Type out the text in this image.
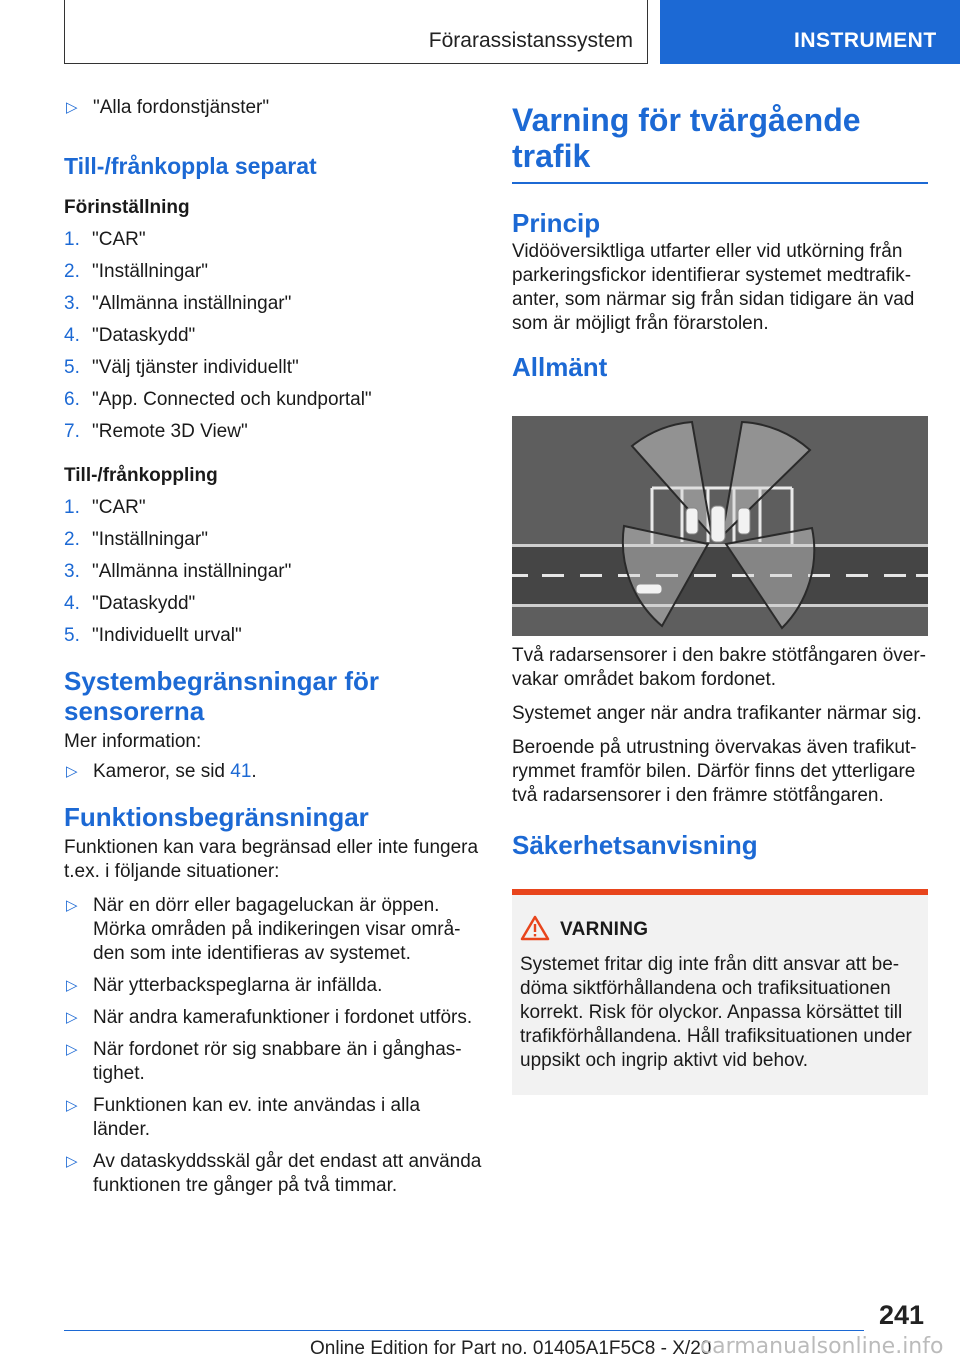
Förarassistanssystem	INSTRUMENT
▷ "Alla fordonstjänster"
Till-/frånkoppla separat
Förinställning
1. "CAR"
2. "Inställningar"
3. "Allmänna inställningar"
4. "Dataskydd"
5. "Välj tjänster individuellt"
6. "App. Connected och kundportal"
7. "Remote 3D View"
Till-/frånkoppling
1. "CAR"
2. "Inställningar"
3. "Allmänna inställningar"
4. "Dataskydd"
5. "Individuellt urval"
Systembegränsningar för
sensorerna

Mer information:

▷ Kameror, se sid 41.
Funktionsbegränsningar

Funktionen kan vara begränsad eller inte fungera
t.ex. i följande situationer:

▷ När en dörr eller bagageluckan är öppen.
Mörka områden på indikeringen visar områ-
den som inte identifieras av systemet.
▷ När ytterbackspeglarna är infällda.
▷ När andra kamerafunktioner i fordonet utförs.
▷ När fordonet rör sig snabbare än i gånghas-
tighet.
▷ Funktionen kan ev. inte användas i alla länder.
▷ Av dataskyddsskäl går det endast att använda
funktionen tre gånger på två timmar.
Varning för tvärgående
trafik
Princip
Vidööversiktliga utfarter eller vid utkörning från
parkeringsfickor identifierar systemet medtrafik-
anter, som närmar sig från sidan tidigare än vad
som är möjligt från förarstolen.
Allmänt
Två radarsensorer i den bakre stötfångaren över-
vakar området bakom fordonet.
Systemet anger när andra trafikanter närmar sig.
Beroende på utrustning övervakas även trafikut-
rymmet framför bilen. Därför finns det ytterligare
två radarsensorer i den främre stötfångaren.
Säkerhetsanvisning
VARNING
Systemet fritar dig inte från ditt ansvar att be-
döma siktförhållandena och trafiksituationen
korrekt. Risk för olyckor. Anpassa körsättet till
trafikförhållandena. Håll trafiksituationen under
uppsikt och ingrip aktivt vid behov.
241
Online Edition for Part no. 01405A1F5C8 - X/20
carmanualsonline.info
